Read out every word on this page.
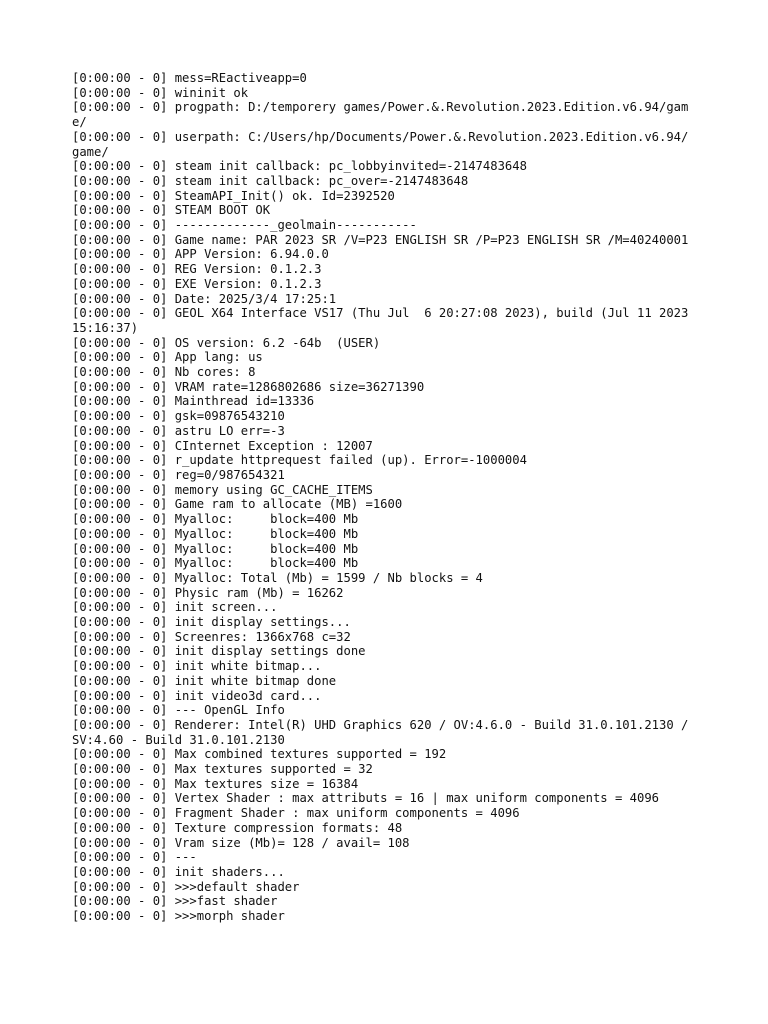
[0:00:00 - 0] mess=REactiveapp=0
[0:00:00 - 0] wininit ok
[0:00:00 - 0] progpath: D:/temporery games/Power.&.Revolution.2023.Edition.v6.94/game/
[0:00:00 - 0] userpath: C:/Users/hp/Documents/Power.&.Revolution.2023.Edition.v6.94/game/
[0:00:00 - 0] steam init callback: pc_lobbyinvited=-2147483648
[0:00:00 - 0] steam init callback: pc_over=-2147483648
[0:00:00 - 0] SteamAPI_Init() ok. Id=2392520
[0:00:00 - 0] STEAM BOOT OK
[0:00:00 - 0] -------------_geolmain-----------
[0:00:00 - 0] Game name: PAR 2023 SR /V=P23 ENGLISH SR /P=P23 ENGLISH SR /M=40240001
[0:00:00 - 0] APP Version: 6.94.0.0
[0:00:00 - 0] REG Version: 0.1.2.3
[0:00:00 - 0] EXE Version: 0.1.2.3
[0:00:00 - 0] Date: 2025/3/4 17:25:1
[0:00:00 - 0] GEOL X64 Interface VS17 (Thu Jul  6 20:27:08 2023), build (Jul 11 2023 15:16:37)
[0:00:00 - 0] OS version: 6.2 -64b  (USER)
[0:00:00 - 0] App lang: us
[0:00:00 - 0] Nb cores: 8
[0:00:00 - 0] VRAM rate=1286802686 size=36271390
[0:00:00 - 0] Mainthread id=13336
[0:00:00 - 0] gsk=09876543210
[0:00:00 - 0] astru LO err=-3
[0:00:00 - 0] CInternet Exception : 12007
[0:00:00 - 0] r_update httprequest failed (up). Error=-1000004
[0:00:00 - 0] reg=0/987654321
[0:00:00 - 0] memory using GC_CACHE_ITEMS
[0:00:00 - 0] Game ram to allocate (MB) =1600
[0:00:00 - 0] Myalloc:     block=400 Mb
[0:00:00 - 0] Myalloc:     block=400 Mb
[0:00:00 - 0] Myalloc:     block=400 Mb
[0:00:00 - 0] Myalloc:     block=400 Mb
[0:00:00 - 0] Myalloc: Total (Mb) = 1599 / Nb blocks = 4
[0:00:00 - 0] Physic ram (Mb) = 16262
[0:00:00 - 0] init screen...
[0:00:00 - 0] init display settings...
[0:00:00 - 0] Screenres: 1366x768 c=32
[0:00:00 - 0] init display settings done
[0:00:00 - 0] init white bitmap...
[0:00:00 - 0] init white bitmap done
[0:00:00 - 0] init video3d card...
[0:00:00 - 0] --- OpenGL Info
[0:00:00 - 0] Renderer: Intel(R) UHD Graphics 620 / OV:4.6.0 - Build 31.0.101.2130 / SV:4.60 - Build 31.0.101.2130
[0:00:00 - 0] Max combined textures supported = 192
[0:00:00 - 0] Max textures supported = 32
[0:00:00 - 0] Max textures size = 16384
[0:00:00 - 0] Vertex Shader : max attributs = 16 | max uniform components = 4096
[0:00:00 - 0] Fragment Shader : max uniform components = 4096
[0:00:00 - 0] Texture compression formats: 48
[0:00:00 - 0] Vram size (Mb)= 128 / avail= 108
[0:00:00 - 0] ---
[0:00:00 - 0] init shaders...
[0:00:00 - 0] >>>default shader
[0:00:00 - 0] >>>fast shader
[0:00:00 - 0] >>>morph shader
